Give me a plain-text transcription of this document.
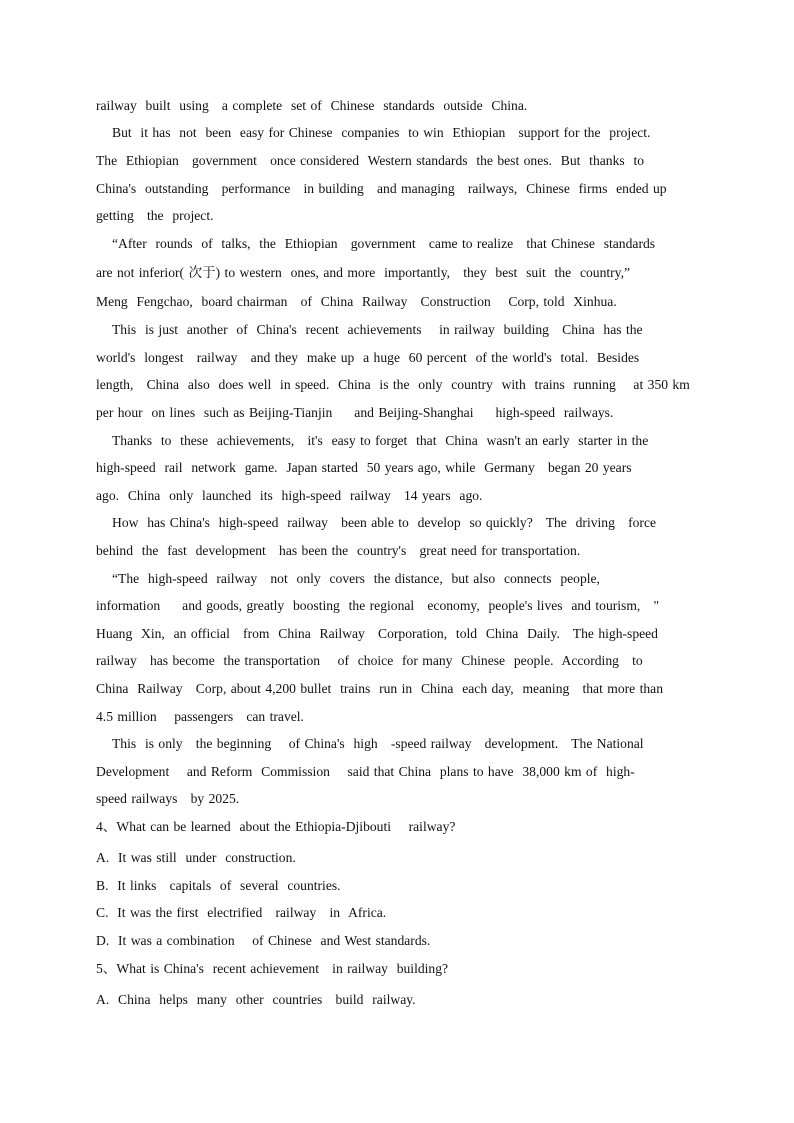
railway  built  using   a complete  set of  Chinese  standards  outside  China.
But  it has  not  been  easy for Chinese  companies  to win  Ethiopian   support for the  project.
The  Ethiopian   government   once considered  Western standards  the best ones.  But  thanks  to
China's  outstanding   performance   in building   and managing   railways,  Chinese  firms  ended up
getting   the  project.
“After  rounds  of  talks,  the  Ethiopian   government   came to realize   that Chinese  standards
are not inferior( 次于) to western  ones, and more  importantly,   they  best  suit  the  country,”
Meng  Fengchao,  board chairman   of  China  Railway   Construction    Corp, told  Xinhua.
This  is just  another  of  China's  recent  achievements    in railway  building   China  has the
world's  longest   railway   and they  make up  a huge  60 percent  of the world's  total.  Besides
length,   China  also  does well  in speed.  China  is the  only  country  with  trains  running    at 350 km
per hour  on lines  such as Beijing-Tianjin     and Beijing-Shanghai     high-speed  railways.
Thanks  to  these  achievements,   it's  easy to forget  that  China  wasn't an early  starter in the
high-speed  rail  network  game.  Japan started  50 years ago, while  Germany   began 20 years
ago.  China  only  launched  its  high-speed  railway   14 years  ago.
How  has China's  high-speed  railway   been able to  develop  so quickly?   The  driving   force
behind  the  fast  development   has been the  country's   great need for transportation.
“The  high-speed  railway   not  only  covers  the distance,  but also  connects  people,
information     and goods, greatly  boosting  the regional   economy,  people's lives  and tourism,   "
Huang  Xin,  an official   from  China  Railway   Corporation,  told  China  Daily.   The high-speed
railway   has become  the transportation    of  choice  for many  Chinese  people.  According   to
China  Railway   Corp, about 4,200 bullet  trains  run in  China  each day,  meaning   that more than
4.5 million    passengers   can travel.
This  is only   the beginning    of China's  high   -speed railway   development.   The National
Development    and Reform  Commission    said that China  plans to have  38,000 km of  high-
speed railways   by 2025.
4、What can be learned  about the Ethiopia-Djibouti    railway?
A.  It was still  under  construction.
B.  It links   capitals  of  several  countries.
C.  It was the first  electrified   railway   in  Africa.
D.  It was a combination    of Chinese  and West standards.
5、What is China's  recent achievement   in railway  building?
A.  China  helps  many  other  countries   build  railway.
